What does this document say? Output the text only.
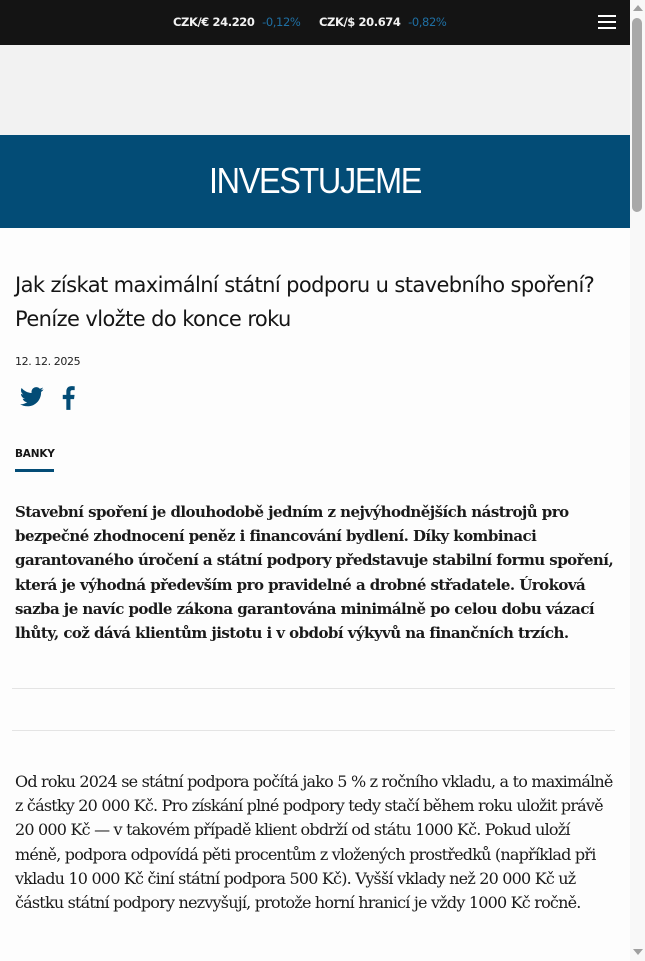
CZK/€ 24.220 -0,12% CZK/$ 20.674 -0,82%
INVESTUJEME
Jak získat maximální státní podporu u stavebního spoření? Peníze vložte do konce roku
12. 12. 2025
BANKY

Stavební spoření je dlouhodobě jedním z nejvýhodnějších nástrojů pro bezpečné zhodnocení peněz i financování bydlení. Díky kombinaci garantovaného úročení a státní podpory představuje stabilní formu spoření, která je výhodná především pro pravidelné a drobné střadatele. Úroková sazba je navíc podle zákona garantována minimálně po celou dobu vázací lhůty, což dává klientům jistotu i v období výkyvů na finančních trzích.

Od roku 2024 se státní podpora počítá jako 5 % z ročního vkladu, a to maximálně z částky 20 000 Kč. Pro získání plné podpory tedy stačí během roku uložit právě 20 000 Kč — v takovém případě klient obdrží od státu 1000 Kč. Pokud uloží méně, podpora odpovídá pěti procentům z vložených prostředků (například při vkladu 10 000 Kč činí státní podpora 500 Kč). Vyšší vklady než 20 000 Kč už částku státní podpory nezvyšují, protože horní hranicí je vždy 1000 Kč ročně.
